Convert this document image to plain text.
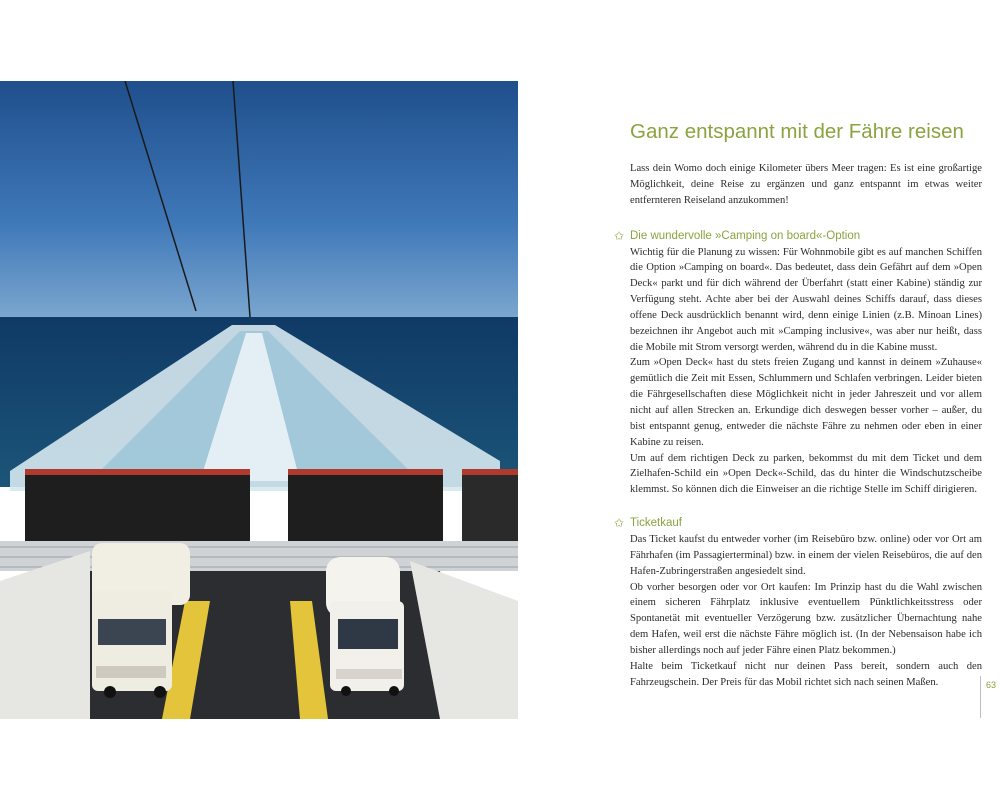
Ganz entspannt mit der Fähre reisen

Lass dein Womo doch einige Kilometer übers Meer tragen: Es ist eine großartige Möglichkeit, deine Reise zu ergänzen und ganz entspannt im etwas weiter entfernteren Reiseland anzukommen!

✩ Die wundervolle »Camping on board«-Option

Wichtig für die Planung zu wissen: Für Wohnmobile gibt es auf manchen Schiffen die Option »Camping on board«. Das bedeutet, dass dein Gefährt auf dem »Open Deck« parkt und für dich während der Überfahrt (statt einer Kabine) ständig zur Verfügung steht. Achte aber bei der Auswahl deines Schiffs darauf, dass dieses offene Deck ausdrücklich benannt wird, denn einige Linien (z.B. Minoan Lines) bezeichnen ihr Angebot auch mit »Camping inclusive«, was aber nur heißt, dass die Mobile mit Strom versorgt werden, während du in die Kabine musst.

Zum »Open Deck« hast du stets freien Zugang und kannst in deinem »Zuhause« gemütlich die Zeit mit Essen, Schlummern und Schlafen verbringen. Leider bieten die Fährgesellschaften diese Möglichkeit nicht in jeder Jahreszeit und vor allem nicht auf allen Strecken an. Erkundige dich deswegen besser vorher – außer, du bist entspannt genug, entweder die nächste Fähre zu nehmen oder eben in einer Kabine zu reisen.

Um auf dem richtigen Deck zu parken, bekommst du mit dem Ticket und dem Zielhafen-Schild ein »Open Deck«-Schild, das du hinter die Windschutzscheibe klemmst. So können dich die Einweiser an die richtige Stelle im Schiff dirigieren.

✩ Ticketkauf

Das Ticket kaufst du entweder vorher (im Reisebüro bzw. online) oder vor Ort am Fährhafen (im Passagierterminal) bzw. in einem der vielen Reisebüros, die auf den Hafen-Zubringerstraßen angesiedelt sind.

Ob vorher besorgen oder vor Ort kaufen: Im Prinzip hast du die Wahl zwischen einem sicheren Fährplatz inklusive eventuellem Pünktlichkeitsstress oder Spontanetät mit eventueller Verzögerung bzw. zusätzlicher Übernachtung nahe dem Hafen, weil erst die nächste Fähre möglich ist. (In der Nebensaison habe ich bisher allerdings noch auf jeder Fähre einen Platz bekommen.)

Halte beim Ticketkauf nicht nur deinen Pass bereit, sondern auch den Fahrzeugschein. Der Preis für das Mobil richtet sich nach seinen Maßen.	63
